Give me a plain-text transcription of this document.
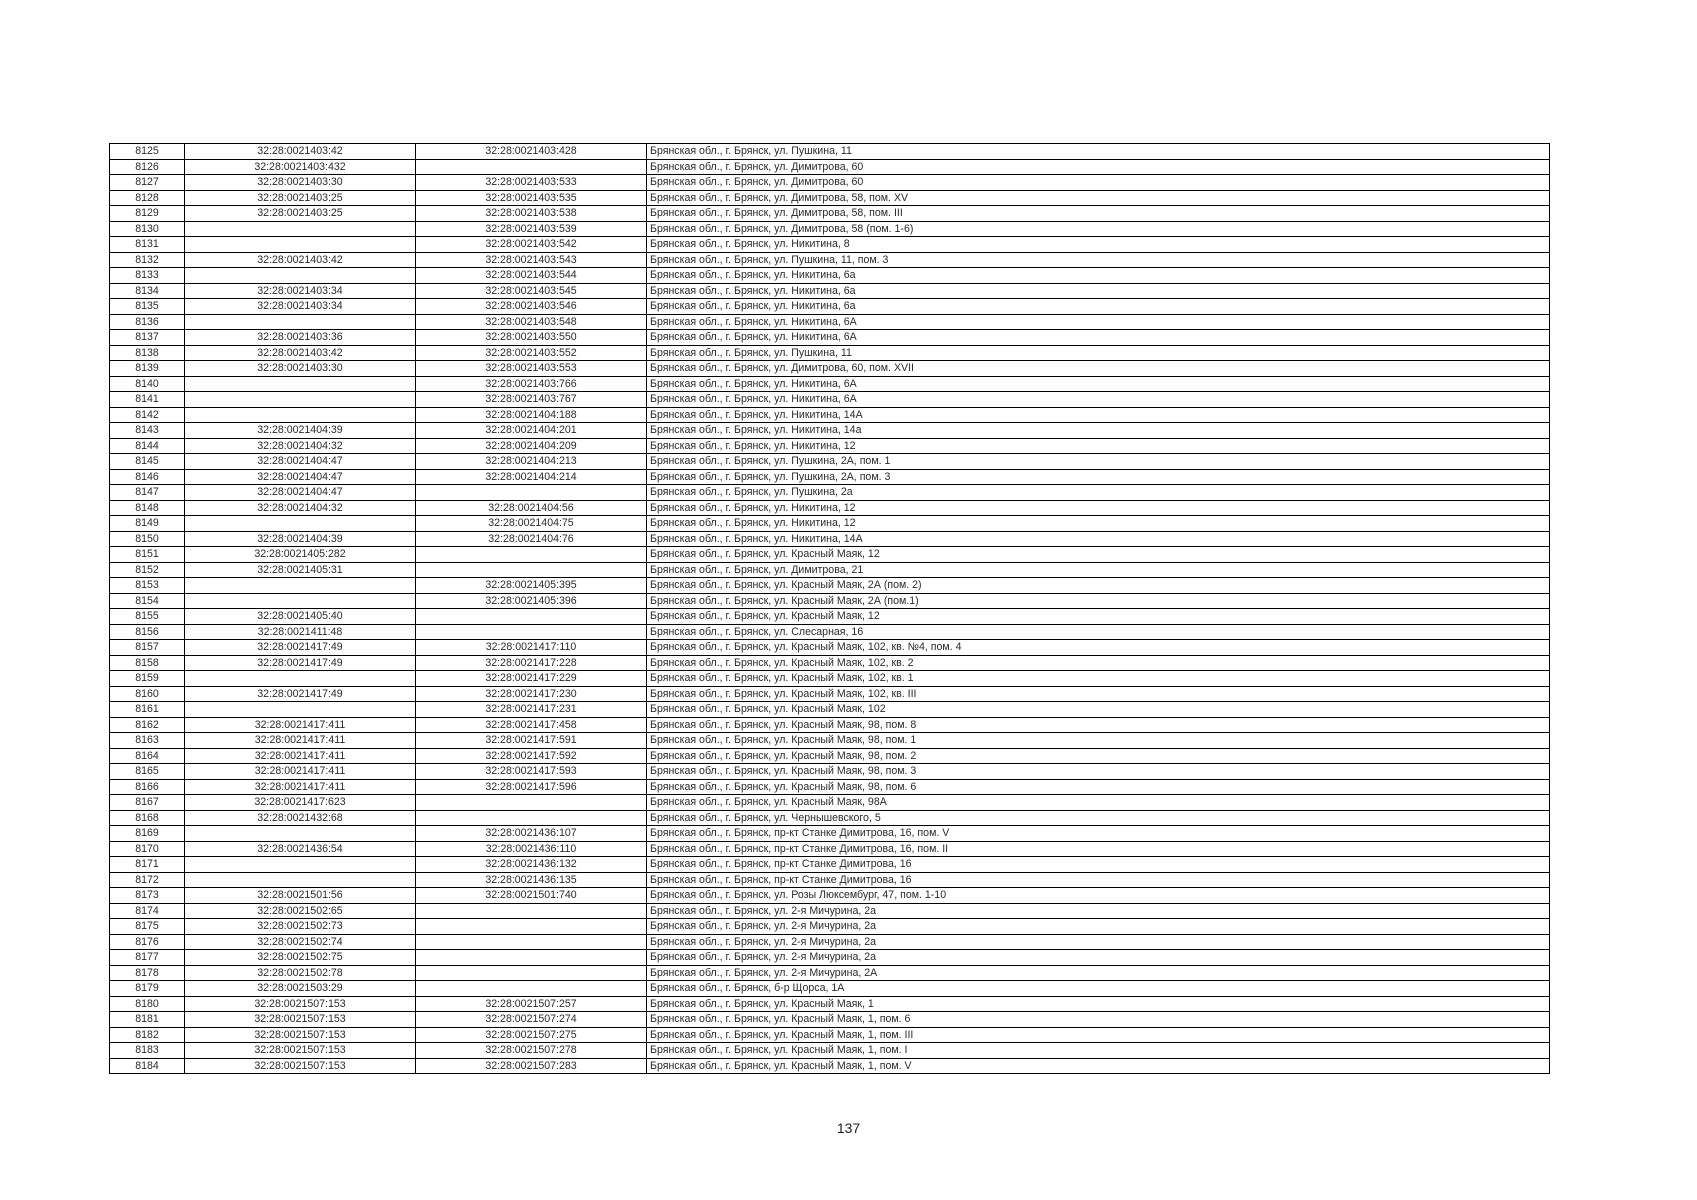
8125	32:28:0021403:42	32:28:0021403:428	Брянская обл., г. Брянск, ул. Пушкина, 11
8126	32:28:0021403:432		Брянская обл., г. Брянск, ул. Димитрова, 60
8127	32:28:0021403:30	32:28:0021403:533	Брянская обл., г. Брянск, ул. Димитрова, 60
8128	32:28:0021403:25	32:28:0021403:535	Брянская обл., г. Брянск, ул. Димитрова, 58, пом. XV
8129	32:28:0021403:25	32:28:0021403:538	Брянская обл., г. Брянск, ул. Димитрова, 58, пом. III
8130		32:28:0021403:539	Брянская обл., г. Брянск, ул. Димитрова, 58 (пом. 1-6)
8131		32:28:0021403:542	Брянская обл., г. Брянск, ул. Никитина, 8
8132	32:28:0021403:42	32:28:0021403:543	Брянская обл., г. Брянск, ул. Пушкина, 11, пом. 3
8133		32:28:0021403:544	Брянская обл., г. Брянск, ул. Никитина, 6а
8134	32:28:0021403:34	32:28:0021403:545	Брянская обл., г. Брянск, ул. Никитина, 6а
8135	32:28:0021403:34	32:28:0021403:546	Брянская обл., г. Брянск, ул. Никитина, 6а
8136		32:28:0021403:548	Брянская обл., г. Брянск, ул. Никитина, 6А
8137	32:28:0021403:36	32:28:0021403:550	Брянская обл., г. Брянск, ул. Никитина, 6А
8138	32:28:0021403:42	32:28:0021403:552	Брянская обл., г. Брянск, ул. Пушкина, 11
8139	32:28:0021403:30	32:28:0021403:553	Брянская обл., г. Брянск, ул. Димитрова, 60, пом. XVII
8140		32:28:0021403:766	Брянская обл., г. Брянск, ул. Никитина, 6А
8141		32:28:0021403:767	Брянская обл., г. Брянск, ул. Никитина, 6А
8142		32:28:0021404:188	Брянская обл., г. Брянск, ул. Никитина, 14А
8143	32:28:0021404:39	32:28:0021404:201	Брянская обл., г. Брянск, ул. Никитина, 14а
8144	32:28:0021404:32	32:28:0021404:209	Брянская обл., г. Брянск, ул. Никитина, 12
8145	32:28:0021404:47	32:28:0021404:213	Брянская обл., г. Брянск, ул. Пушкина, 2А, пом. 1
8146	32:28:0021404:47	32:28:0021404:214	Брянская обл., г. Брянск, ул. Пушкина, 2А, пом. 3
8147	32:28:0021404:47		Брянская обл., г. Брянск, ул. Пушкина, 2а
8148	32:28:0021404:32	32:28:0021404:56	Брянская обл., г. Брянск, ул. Никитина, 12
8149		32:28:0021404:75	Брянская обл., г. Брянск, ул. Никитина, 12
8150	32:28:0021404:39	32:28:0021404:76	Брянская обл., г. Брянск, ул. Никитина, 14А
8151	32:28:0021405:282		Брянская обл., г. Брянск, ул. Красный Маяк, 12
8152	32:28:0021405:31		Брянская обл., г. Брянск, ул. Димитрова, 21
8153		32:28:0021405:395	Брянская обл., г. Брянск, ул. Красный Маяк, 2А (пом. 2)
8154		32:28:0021405:396	Брянская обл., г. Брянск, ул. Красный Маяк, 2А (пом.1)
8155	32:28:0021405:40		Брянская обл., г. Брянск, ул. Красный Маяк, 12
8156	32:28:0021411:48		Брянская обл., г. Брянск, ул. Слесарная, 16
8157	32:28:0021417:49	32:28:0021417:110	Брянская обл., г. Брянск, ул. Красный Маяк, 102, кв. №4, пом. 4
8158	32:28:0021417:49	32:28:0021417:228	Брянская обл., г. Брянск, ул. Красный Маяк, 102, кв. 2
8159		32:28:0021417:229	Брянская обл., г. Брянск, ул. Красный Маяк, 102, кв. 1
8160	32:28:0021417:49	32:28:0021417:230	Брянская обл., г. Брянск, ул. Красный Маяк, 102, кв. III
8161		32:28:0021417:231	Брянская обл., г. Брянск, ул. Красный Маяк, 102
8162	32:28:0021417:411	32:28:0021417:458	Брянская обл., г. Брянск, ул. Красный Маяк, 98, пом. 8
8163	32:28:0021417:411	32:28:0021417:591	Брянская обл., г. Брянск, ул. Красный Маяк, 98, пом. 1
8164	32:28:0021417:411	32:28:0021417:592	Брянская обл., г. Брянск, ул. Красный Маяк, 98, пом. 2
8165	32:28:0021417:411	32:28:0021417:593	Брянская обл., г. Брянск, ул. Красный Маяк, 98, пом. 3
8166	32:28:0021417:411	32:28:0021417:596	Брянская обл., г. Брянск, ул. Красный Маяк, 98, пом. 6
8167	32:28:0021417:623		Брянская обл., г. Брянск, ул. Красный Маяк, 98А
8168	32:28:0021432:68		Брянская обл., г. Брянск, ул. Чернышевского, 5
8169		32:28:0021436:107	Брянская обл., г. Брянск, пр-кт Станке Димитрова, 16, пом. V
8170	32:28:0021436:54	32:28:0021436:110	Брянская обл., г. Брянск, пр-кт Станке Димитрова, 16, пом. II
8171		32:28:0021436:132	Брянская обл., г. Брянск, пр-кт Станке Димитрова, 16
8172		32:28:0021436:135	Брянская обл., г. Брянск, пр-кт Станке Димитрова, 16
8173	32:28:0021501:56	32:28:0021501:740	Брянская обл., г. Брянск, ул. Розы Люксембург, 47, пом. 1-10
8174	32:28:0021502:65		Брянская обл., г. Брянск, ул. 2-я Мичурина, 2а
8175	32:28:0021502:73		Брянская обл., г. Брянск, ул. 2-я Мичурина, 2а
8176	32:28:0021502:74		Брянская обл., г. Брянск, ул. 2-я Мичурина, 2а
8177	32:28:0021502:75		Брянская обл., г. Брянск, ул. 2-я Мичурина, 2а
8178	32:28:0021502:78		Брянская обл., г. Брянск, ул. 2-я Мичурина, 2А
8179	32:28:0021503:29		Брянская обл., г. Брянск, б-р Щорса, 1А
8180	32:28:0021507:153	32:28:0021507:257	Брянская обл., г. Брянск, ул. Красный Маяк, 1
8181	32:28:0021507:153	32:28:0021507:274	Брянская обл., г. Брянск, ул. Красный Маяк, 1, пом. 6
8182	32:28:0021507:153	32:28:0021507:275	Брянская обл., г. Брянск, ул. Красный Маяк, 1, пом. III
8183	32:28:0021507:153	32:28:0021507:278	Брянская обл., г. Брянск, ул. Красный Маяк, 1, пом. I
8184	32:28:0021507:153	32:28:0021507:283	Брянская обл., г. Брянск, ул. Красный Маяк, 1, пом. V
137
